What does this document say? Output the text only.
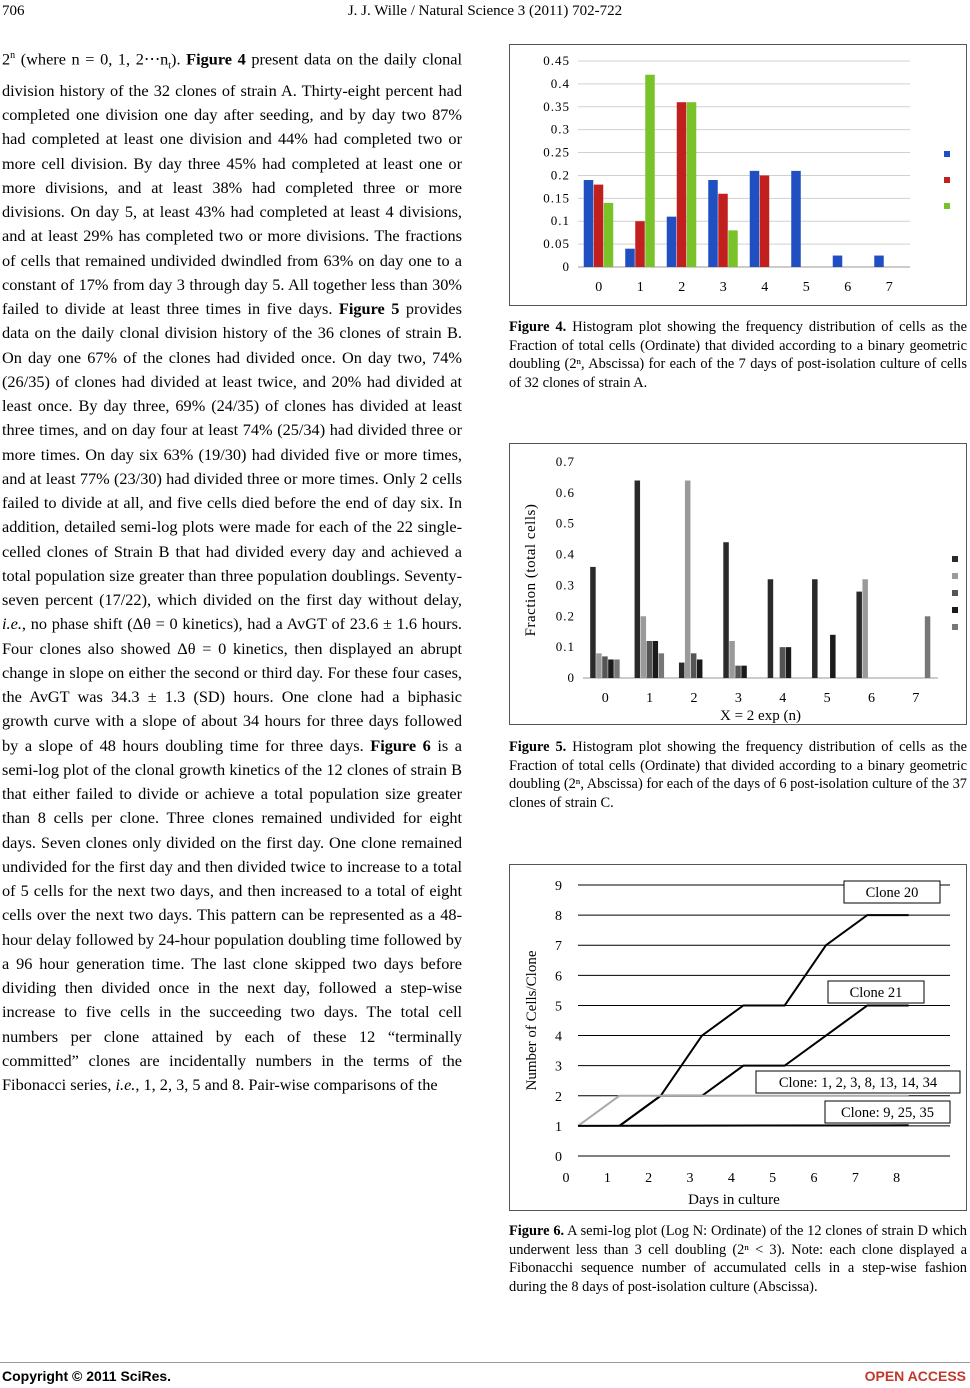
706	J. J. Wille / Natural Science 3 (2011) 702-722

2$^n$ (where n = 0, 1, $2\cdots n_t$). Figure 4 present data on the daily clonal division history of the 32 clones of strain A. Thirty-eight percent had completed one division one day after seeding, and by day two 87% had completed at least one division and 44% had completed two or more cell division. By day three 45% had completed at least one or more divisions, and at least 38% had completed three or more divisions. On day 5, at least 43% had completed at least 4 divisions, and at least 29% has completed two or more divisions. The fractions of cells that remained undivided dwindled from 63% on day one to a constant of 17% from day 3 through day 5. All together less than 30% failed to divide at least three times in five days. Figure 5 provides data on the daily clonal division history of the 36 clones of strain B. On day one 67% of the clones had divided once. On day two, 74% (26/35) of clones had divided at least twice, and 20% had divided at least once. By day three, 69% (24/35) of clones has divided at least three times, and on day four at least 74% (25/34) had divided three or more times. On day six 63% (19/30) had divided five or more times, and at least 77% (23/30) had divided three or more times. Only 2 cells failed to divide at all, and five cells died before the end of day six. In addition, detailed semi-log plots were made for each of the 22 single-celled clones of Strain B that had divided every day and achieved a total population size greater than three population doublings. Seventy-seven percent (17/22), which divided on the first day without delay, i.e., no phase shift (Δθ = 0 kinetics), had a AvGT of 23.6 ± 1.6 hours. Four clones also showed Δθ = 0 kinetics, then displayed an abrupt change in slope on either the second or third day. For these four cases, the AvGT was 34.3 ± 1.3 (SD) hours. One clone had a biphasic growth curve with a slope of about 34 hours for three days followed by a slope of 48 hours doubling time for three days. Figure 6 is a semi-log plot of the clonal growth kinetics of the 12 clones of strain B that either failed to divide or achieve a total population size greater than 8 cells per clone. Three clones remained undivided for eight days. Seven clones only divided on the first day. One clone remained undivided for the first day and then divided twice to increase to a total of 5 cells for the next two days, and then increased to a total of eight cells over the next two days. This pattern can be represented as a 48-hour delay followed by 24-hour population doubling time followed by a 96 hour generation time. The last clone skipped two days before dividing then divided once in the next day, followed a step-wise increase to five cells in the succeeding two days. The total cell numbers per clone attained by each of these 12 “terminally committed” clones are incidentally numbers in the terms of the Fibonacci series, i.e., 1, 2, 3, 5 and 8. Pair-wise comparisons of the

0
0.05
0.1
0.15
0.2
0.25
0.3
0.35
0.4
0.45
0 1 2 3 4 5 6 7
Figure 4. Histogram plot showing the frequency distribution of cells as the Fraction of total cells (Ordinate) that divided according to a binary geometric doubling (2ⁿ, Abscissa) for each of the 7 days of post-isolation culture of cells of 32 clones of strain A.
0
0.1
0.2
0.3
0.4
0.5
0.6
0.7
0	1	2	3	4	5	6	7
Fraction (total cells)
X = 2 exp (n)
Figure 5. Histogram plot showing the frequency distribution of cells as the Fraction of total cells (Ordinate) that divided according to a binary geometric doubling (2ⁿ, Abscissa) for each of the days of 6 post-isolation culture of the 37 clones of strain C.
0
1
2
3
4
5
6
7
8
9
0 1 2 3 4 5 6 7 8
Clone 20
Clone 21
Clone: 1, 2, 3, 8, 13, 14, 34
Clone: 9, 25, 35
Number of Cells/Clone
Days in culture
Figure 6. A semi-log plot (Log N: Ordinate) of the 12 clones of strain D which underwent less than 3 cell doubling (2ⁿ < 3). Note: each clone displayed a Fibonacchi sequence number of accumulated cells in a step-wise fashion during the 8 days of post-isolation culture (Abscissa).
Copyright © 2011 SciRes.	OPEN ACCESS
